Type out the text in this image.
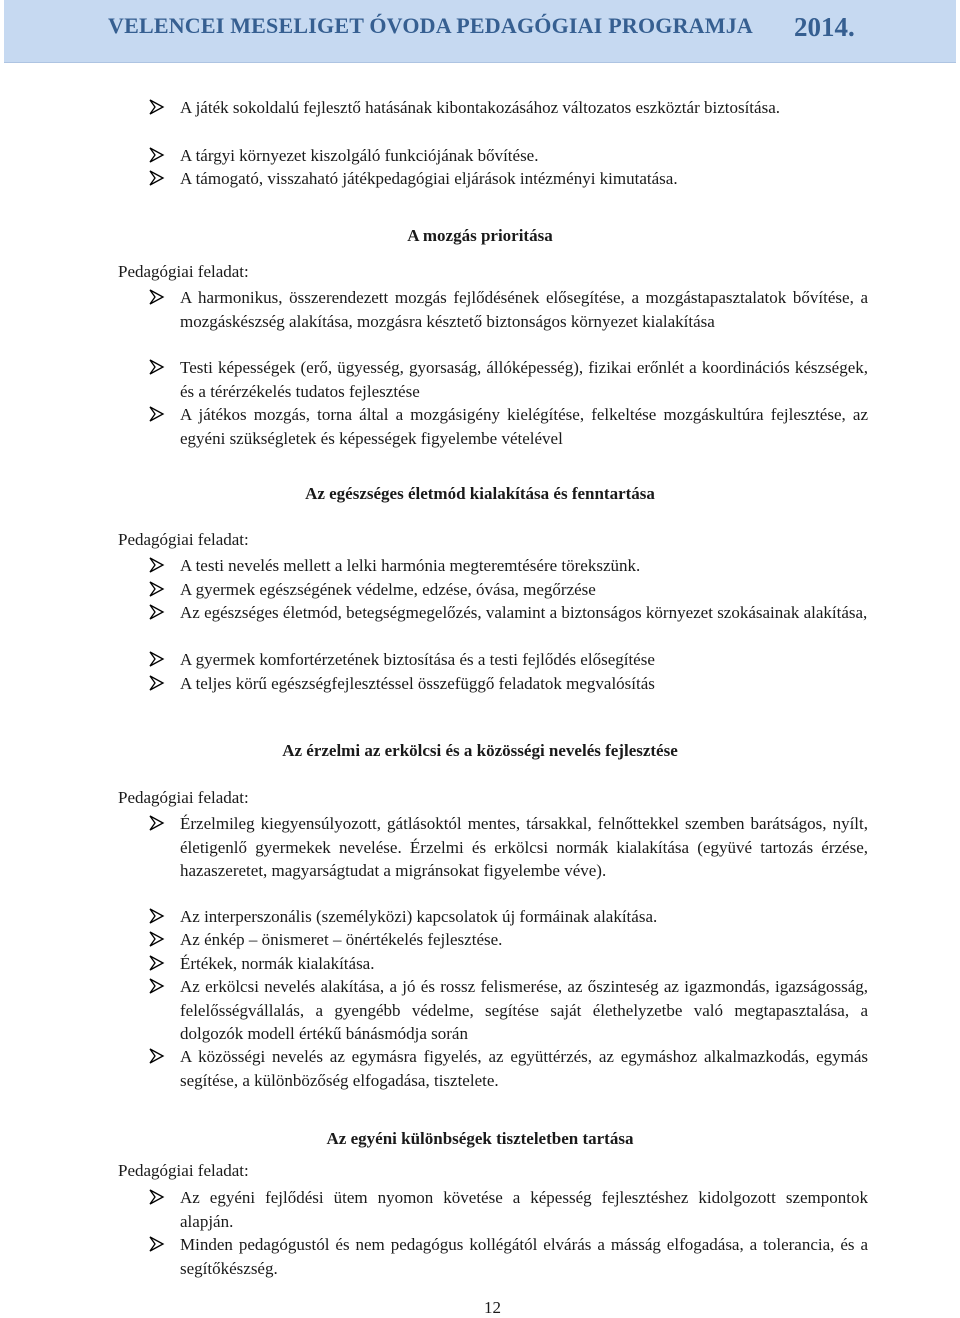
VELENCEI MESELIGET ÓVODA PEDAGÓGIAI PROGRAMJA 2014.
A játék sokoldalú fejlesztő hatásának kibontakozásához változatos eszköztár biztosítása.
A tárgyi környezet kiszolgáló funkciójának bővítése.
A támogató, visszaható játékpedagógiai eljárások intézményi kimutatása.
A mozgás prioritása
Pedagógiai feladat:
A harmonikus, összerendezett mozgás fejlődésének elősegítése, a mozgástapasztalatok bővítése, a mozgáskészség alakítása, mozgásra késztető biztonságos környezet kialakítása
Testi képességek (erő, ügyesség, gyorsaság, állóképesség), fizikai erőnlét a koordinációs készségek, és a térérzékelés tudatos fejlesztése
A játékos mozgás, torna által a mozgásigény kielégítése, felkeltése mozgáskultúra fejlesztése, az egyéni szükségletek és képességek figyelembe vételével
Az egészséges életmód kialakítása és fenntartása
Pedagógiai feladat:
A testi nevelés mellett a lelki harmónia megteremtésére törekszünk.
A gyermek egészségének védelme, edzése, óvása, megőrzése
Az egészséges életmód, betegségmegelőzés, valamint a biztonságos környezet szokásainak alakítása,
A gyermek komfortérzetének biztosítása és a testi fejlődés elősegítése
A teljes körű egészségfejlesztéssel összefüggő feladatok megvalósítás
Az érzelmi az erkölcsi és a közösségi nevelés fejlesztése
Pedagógiai feladat:
Érzelmileg kiegyensúlyozott, gátlásoktól mentes, társakkal, felnőttekkel szemben barátságos, nyílt, életigenlő gyermekek nevelése. Érzelmi és erkölcsi normák kialakítása (együvé tartozás érzése, hazaszeretet, magyarságtudat a migránsokat figyelembe véve).
Az interperszonális (személyközi) kapcsolatok új formáinak alakítása.
Az énkép – önismeret – önértékelés fejlesztése.
Értékek, normák kialakítása.
Az erkölcsi nevelés alakítása, a jó és rossz felismerése, az őszinteség az igazmondás, igazságosság, felelősségvállalás, a gyengébb védelme, segítése saját élethelyzetbe való megtapasztalása, a dolgozók modell értékű bánásmódja során
A közösségi nevelés az egymásra figyelés, az együttérzés, az egymáshoz alkalmazkodás, egymás segítése, a különbözőség elfogadása, tisztelete.
Az egyéni különbségek tiszteletben tartása
Pedagógiai feladat:
Az egyéni fejlődési ütem nyomon követése a képesség fejlesztéshez kidolgozott szempontok alapján.
Minden pedagógustól és nem pedagógus kollégától elvárás a másság elfogadása, a tolerancia, és a segítőkészség.
12
